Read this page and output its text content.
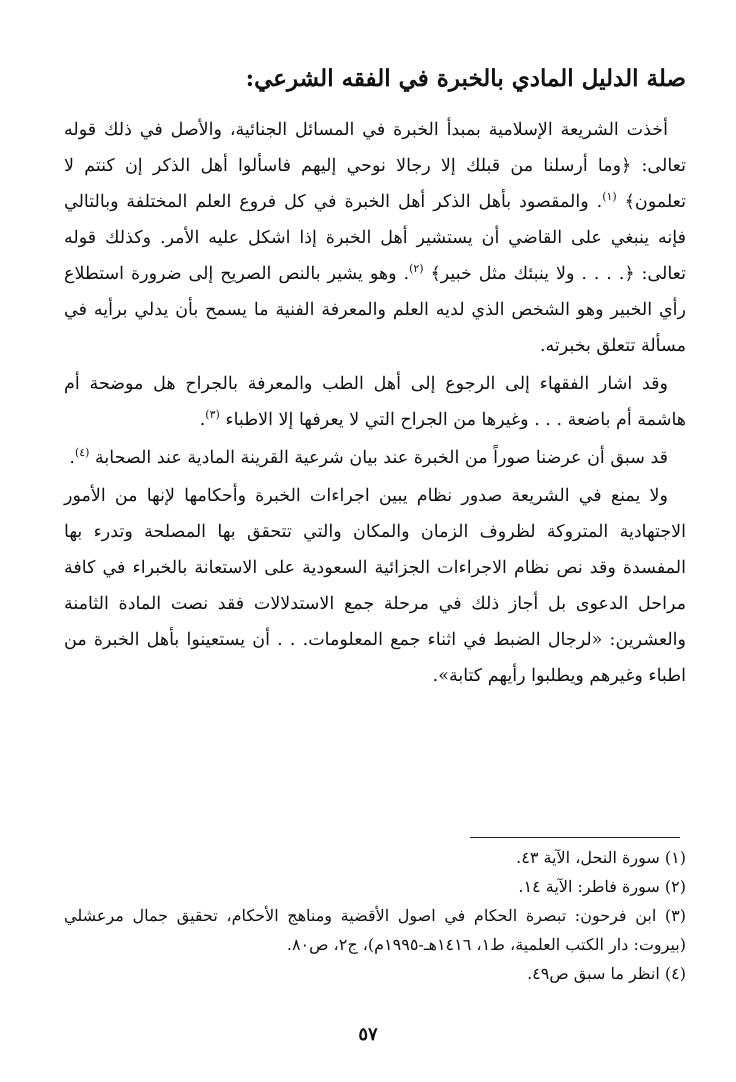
صلة الدليل المادي بالخبرة في الفقه الشرعي:

أخذت الشريعة الإسلامية بمبدأ الخبرة في المسائل الجنائية، والأصل في ذلك قوله تعالى: ﴿وما أرسلنا من قبلك إلا رجالا نوحي إليهم فاسألوا أهل الذكر إن كنتم لا تعلمون﴾ $^{(١)}$. والمقصود بأهل الذكر أهل الخبرة في كل فروع العلم المختلفة وبالتالي فإنه ينبغي على القاضي أن يستشير أهل الخبرة إذا اشكل عليه الأمر. وكذلك قوله تعالى: ﴿. . . . ولا ينبئك مثل خبير﴾ $^{(٢)}$. وهو يشير بالنص الصريح إلى ضرورة استطلاع رأي الخبير وهو الشخص الذي لديه العلم والمعرفة الفنية ما يسمح بأن يدلي برأيه في مسألة تتعلق بخبرته.

وقد اشار الفقهاء إلى الرجوع إلى أهل الطب والمعرفة بالجراح هل موضحة أم هاشمة أم باضعة . . . وغيرها من الجراح التي لا يعرفها إلا الاطباء $^{(٣)}$.

قد سبق أن عرضنا صوراً من الخبرة عند بيان شرعية القرينة المادية عند الصحابة $^{(٤)}$.

ولا يمنع في الشريعة صدور نظام يبين اجراءات الخبرة وأحكامها لإنها من الأمور الاجتهادية المتروكة لظروف الزمان والمكان والتي تتحقق بها المصلحة وتدرء بها المفسدة وقد نص نظام الاجراءات الجزائية السعودية على الاستعانة بالخبراء في كافة مراحل الدعوى بل أجاز ذلك في مرحلة جمع الاستدلالات فقد نصت المادة الثامنة والعشرين: «لرجال الضبط في اثناء جمع المعلومات. . . أن يستعينوا بأهل الخبرة من اطباء وغيرهم ويطلبوا رأيهم كتابة».

(١) سورة النحل، الآية ٤٣.

(٢) سورة فاطر: الآية ١٤.

(٣) ابن فرحون: تبصرة الحكام في اصول الأقضية ومناهج الأحكام، تحقيق جمال مرعشلي (بيروت: دار الكتب العلمية، ط١، ١٤١٦هـ-١٩٩٥م)، ج٢، ص٨٠.

(٤) انظر ما سبق ص٤٩.

٥٧
